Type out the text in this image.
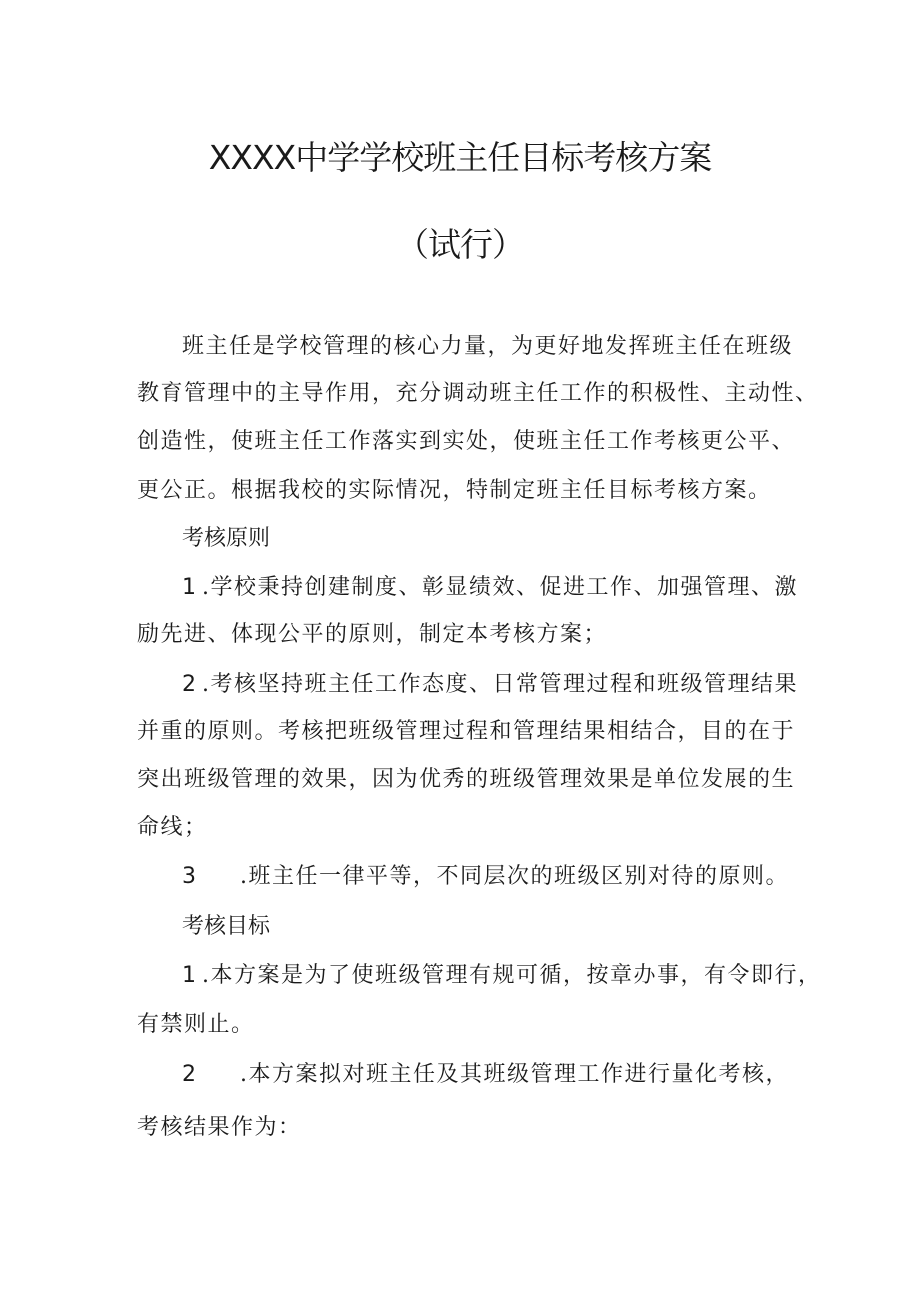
XXXX中学学校班主任目标考核方案
（试行）
班主任是学校管理的核心力量，为更好地发挥班主任在班级
教育管理中的主导作用，充分调动班主任工作的积极性、主动性、
创造性，使班主任工作落实到实处，使班主任工作考核更公平、
更公正。根据我校的实际情况，特制定班主任目标考核方案。
考核原则
1 .学校秉持创建制度、彰显绩效、促进工作、加强管理、激
励先进、体现公平的原则，制定本考核方案；
2 .考核坚持班主任工作态度、日常管理过程和班级管理结果
并重的原则。考核把班级管理过程和管理结果相结合，目的在于
突出班级管理的效果，因为优秀的班级管理效果是单位发展的生
命线；
3 .班主任一律平等，不同层次的班级区别对待的原则。
考核目标
1 .本方案是为了使班级管理有规可循，按章办事，有令即行，
有禁则止。
2 .本方案拟对班主任及其班级管理工作进行量化考核，
考核结果作为：
